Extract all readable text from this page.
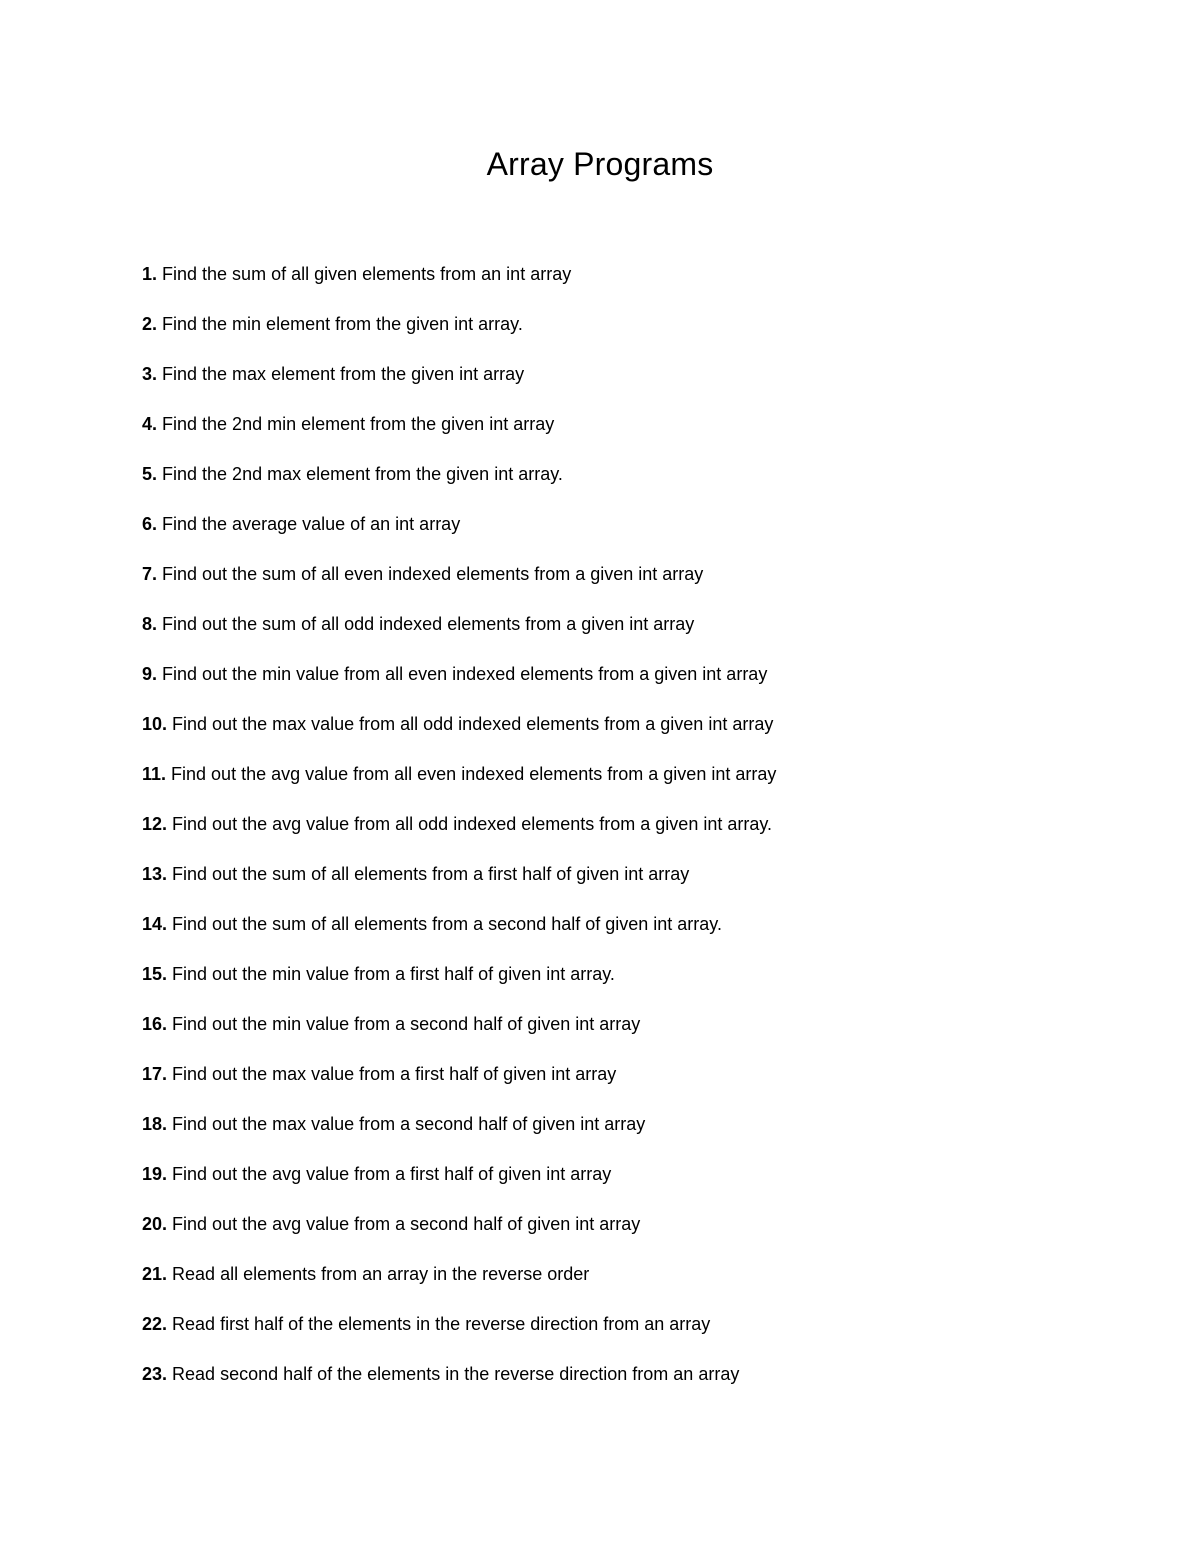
Array Programs
1. Find the sum of all given elements from an int array
2. Find the min element from the given int array.
3. Find the max element from the given int array
4. Find the 2nd min element from the given int array
5. Find the 2nd max element from the given int array.
6. Find the average value of an int array
7. Find out the sum of all even indexed elements from a given int array
8. Find out the sum of all odd indexed elements from a given int array
9. Find out the min value from all even indexed elements from a given int array
10. Find out the max value from all odd indexed elements from a given int array
11. Find out the avg value from all even indexed elements from a given int array
12. Find out the avg value from all odd indexed elements from a given int array.
13. Find out the sum of all elements from a first half of given int array
14. Find out the sum of all elements from a second half of given int array.
15. Find out the min value from a first half of given int array.
16. Find out the min value from a second half of given int array
17. Find out the max value from a first half of given int array
18. Find out the max value from a second half of given int array
19. Find out the avg value from a first half of given int array
20. Find out the avg value from a second half of given int array
21. Read all elements from an array in the reverse order
22. Read first half of the elements in the reverse direction from an array
23. Read second half of the elements in the reverse direction from an array
